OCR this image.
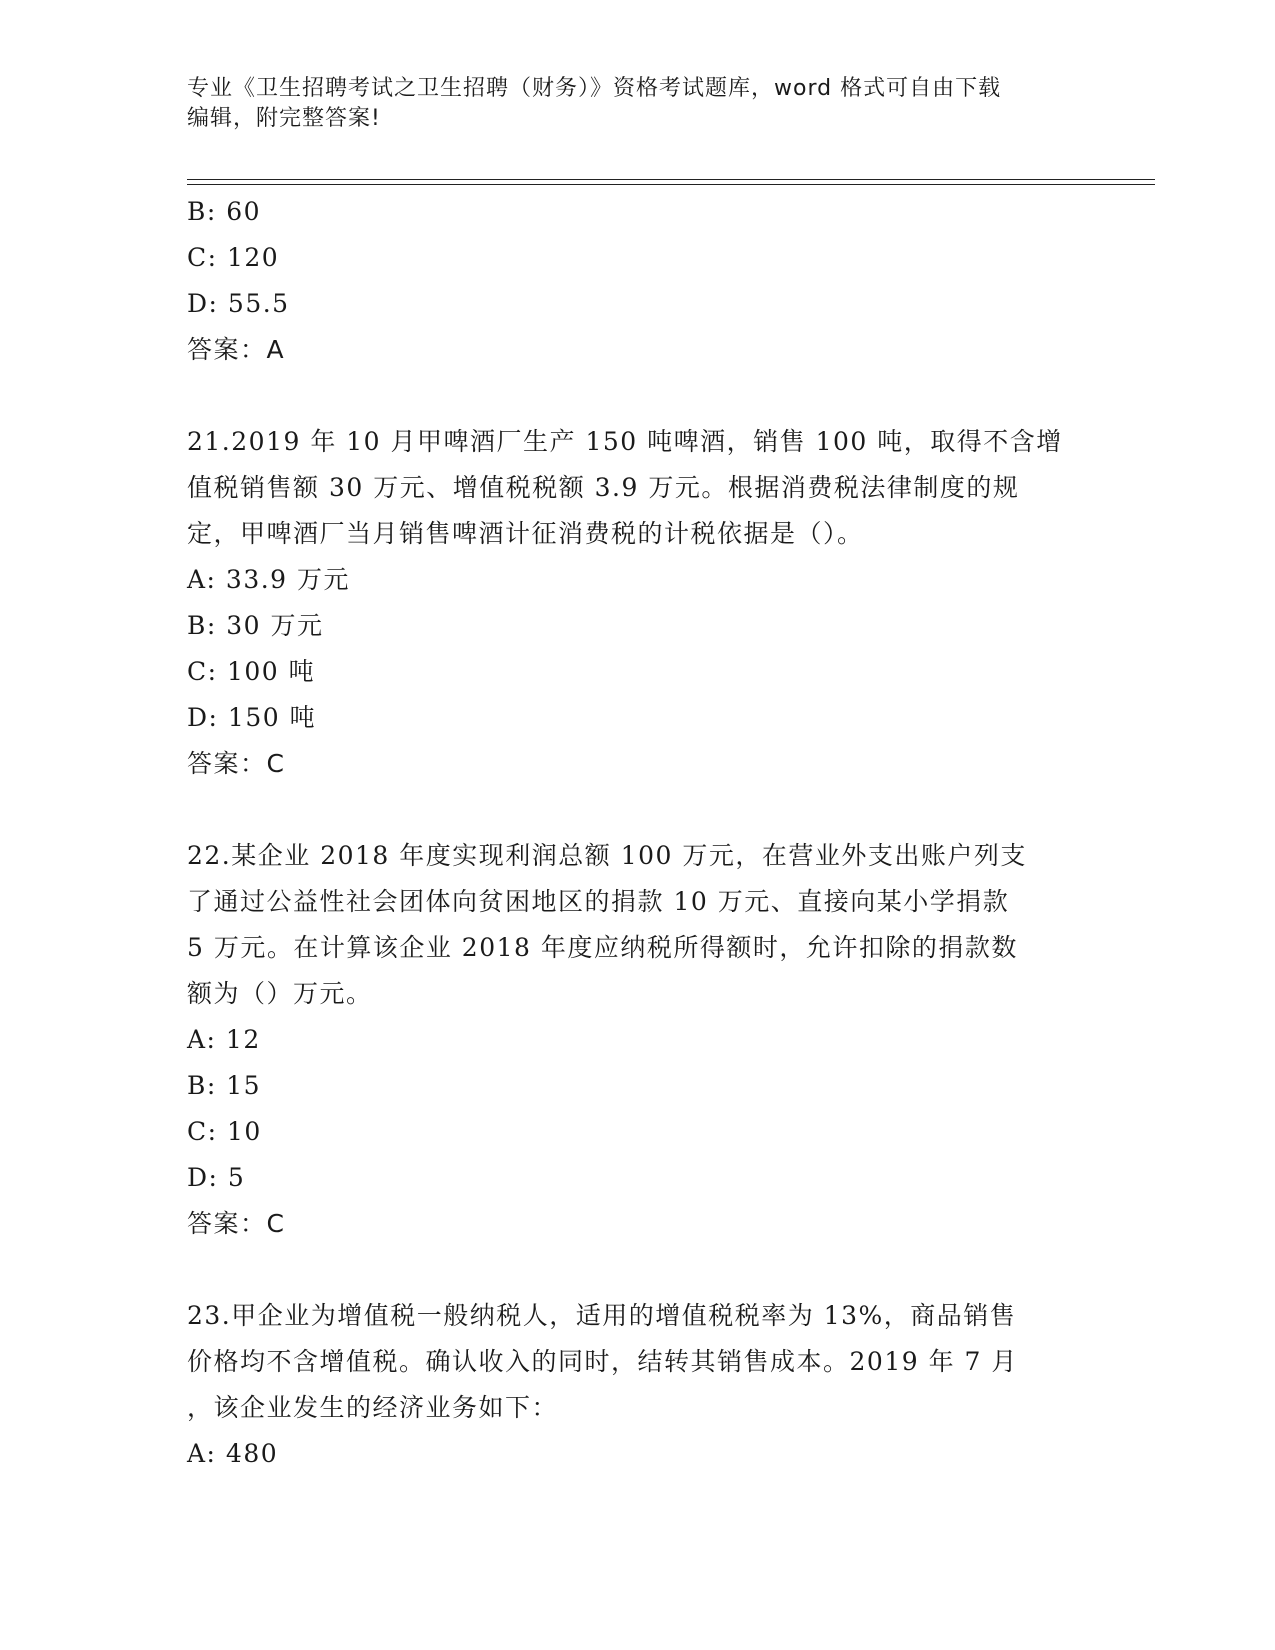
专业《卫生招聘考试之卫生招聘（财务）》资格考试题库，word 格式可自由下载
编辑，附完整答案!
B: 60
C: 120
D: 55.5
答案：A
21.2019 年 10 月甲啤酒厂生产 150 吨啤酒，销售 100 吨，取得不含增
值税销售额 30 万元、增值税税额 3.9 万元。根据消费税法律制度的规
定，甲啤酒厂当月销售啤酒计征消费税的计税依据是（）。
A: 33.9 万元
B: 30 万元
C: 100 吨
D: 150 吨
答案：C
22.某企业 2018 年度实现利润总额 100 万元，在营业外支出账户列支
了通过公益性社会团体向贫困地区的捐款 10 万元、直接向某小学捐款
5 万元。在计算该企业 2018 年度应纳税所得额时，允许扣除的捐款数
额为（）万元。
A: 12
B: 15
C: 10
D: 5
答案：C
23.甲企业为增值税一般纳税人，适用的增值税税率为 13%，商品销售
价格均不含增值税。确认收入的同时，结转其销售成本。2019 年 7 月
，该企业发生的经济业务如下：
A: 480
